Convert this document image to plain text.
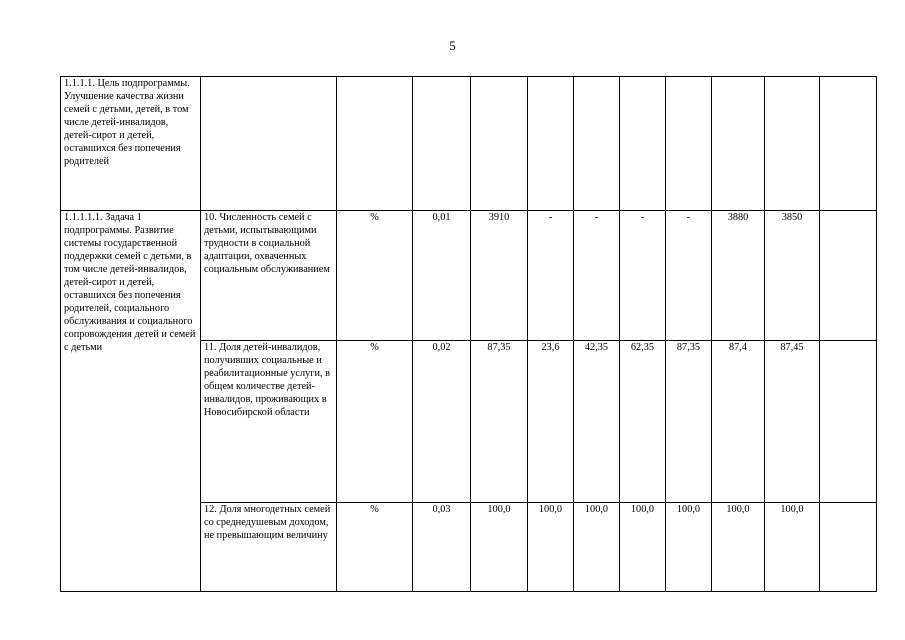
5
1.1.1.1. Цель подпрограммы. Улучшение качества жизни семей с детьми, детей, в том числе детей-инвалидов, детей-сирот и детей, оставшихся без попечения родителей											
1.1.1.1.1. Задача 1 подпрограммы. Развитие системы государственной поддержки семей с детьми, в том числе детей-инвалидов, детей-сирот и детей, оставшихся без попечения родителей, социального обслуживания и социального сопровождения детей и семей с детьми	10. Численность семей с детьми, испытывающими трудности в социальной адаптации, охваченных социальным обслуживанием	%	0,01	3910	-	-	-	-	3880	3850	
	11. Доля детей-инвалидов, получивших социальные и реабилитационные услуги, в общем количестве детей-инвалидов, проживающих в Новосибирской области	%	0,02	87,35	23,6	42,35	62,35	87,35	87,4	87,45	
	12. Доля многодетных семей со среднедушевым доходом, не превышающим величину	%	0,03	100,0	100,0	100,0	100,0	100,0	100,0	100,0	
